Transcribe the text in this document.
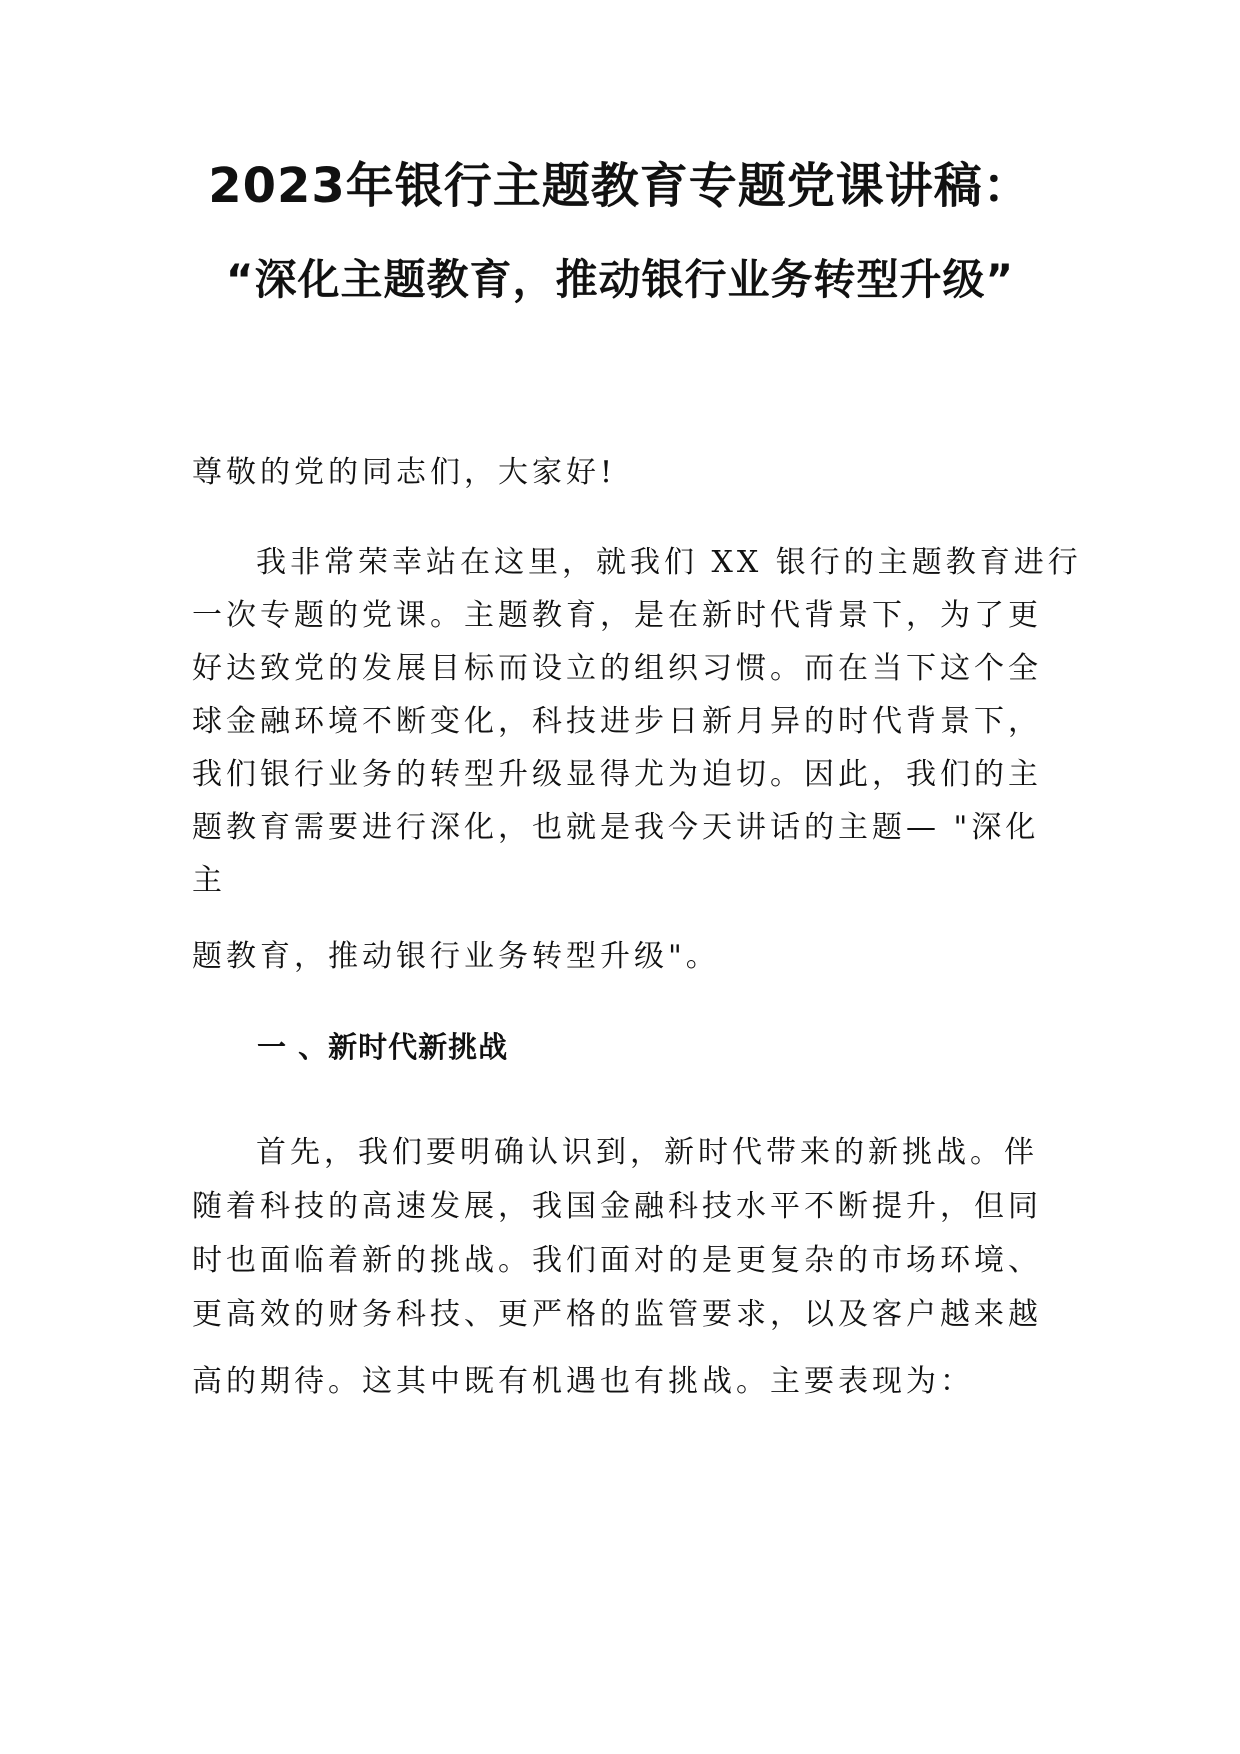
2023年银行主题教育专题党课讲稿：
“深化主题教育，推动银行业务转型升级”

尊敬的党的同志们，大家好!

我非常荣幸站在这里，就我们 XX 银行的主题教育进行

一次专题的党课。主题教育，是在新时代背景下，为了更

好达致党的发展目标而设立的组织习惯。而在当下这个全

球金融环境不断变化，科技进步日新月异的时代背景下，

我们银行业务的转型升级显得尤为迫切。因此，我们的主

题教育需要进行深化，也就是我今天讲话的主题— "深化

主

题教育，推动银行业务转型升级"。

一 、新时代新挑战

首先，我们要明确认识到，新时代带来的新挑战。伴

随着科技的高速发展，我国金融科技水平不断提升，但同

时也面临着新的挑战。我们面对的是更复杂的市场环境、

更高效的财务科技、更严格的监管要求，以及客户越来越

高的期待。这其中既有机遇也有挑战。主要表现为：
